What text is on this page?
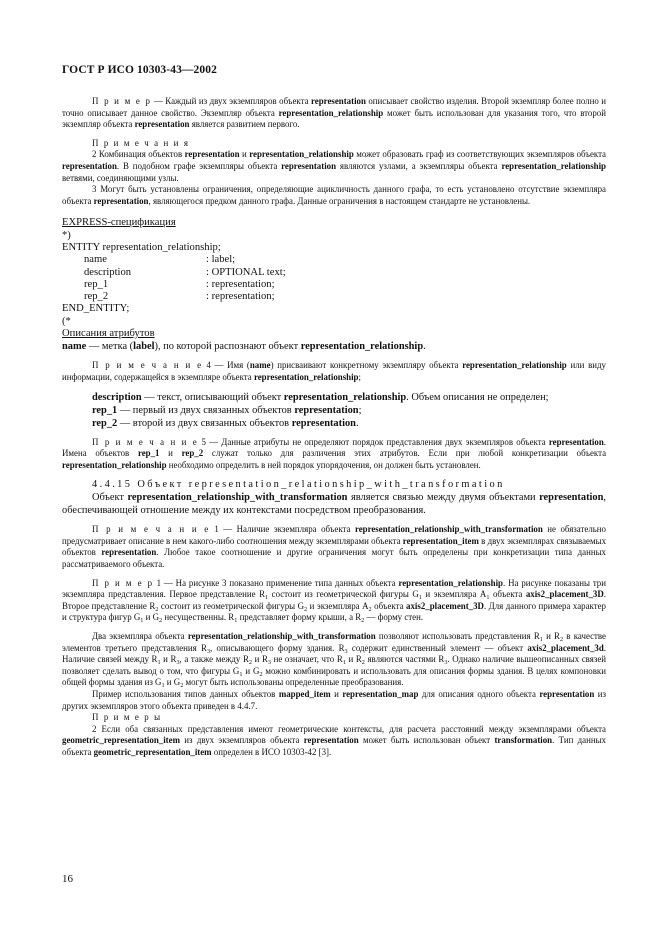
ГОСТ Р ИСО 10303-43—2002

П р и м е р — Каждый из двух экземпляров объекта representation описывает свойство изделия. Второй экземпляр более полно и точно описывает данное свойство. Экземпляр объекта representation_relationship может быть использован для указания того, что второй экземпляр объекта representation является развитием первого.

П р и м е ч а н и я

2 Комбинация объектов representation и representation_relationship может образовать граф из соответствующих экземпляров объекта representation. В подобном графе экземпляры объекта representation являются узлами, а экземпляры объекта representation_relationship ветвями, соединяющими узлы.

3 Могут быть установлены ограничения, определяющие ацикличность данного графа, то есть установлено отсутствие экземпляра объекта representation, являющегося предком данного графа. Данные ограничения в настоящем стандарте не установлены.

EXPRESS-спецификация
*)
ENTITY representation_relationship;
name	: label;
description	: OPTIONAL text;
rep_1	: representation;
rep_2	: representation;
END_ENTITY;
(*
Описания атрибутов

name — метка (label), по которой распознают объект representation_relationship.

П р и м е ч а н и е 4 — Имя (name) присваивают конкретному экземпляру объекта representation_relationship или виду информации, содержащейся в экземпляре объекта representation_relationship;

description — текст, описывающий объект representation_relationship. Объем описания не определен;

rep_1 — первый из двух связанных объектов representation;

rep_2 — второй из двух связанных объектов representation.

П р и м е ч а н и е 5 — Данные атрибуты не определяют порядок представления двух экземпляров объекта representation. Имена объектов rep_1 и rep_2 служат только для различения этих атрибутов. Если при любой конкретизации объекта representation_relationship необходимо определить в ней порядок упорядочения, он должен быть установлен.

4.4.15 Объект representation_relationship_with_transformation

Объект representation_relationship_with_transformation является связью между двумя объектами representation, обеспечивающей отношение между их контекстами посредством преобразования.

П р и м е ч а н и е 1 — Наличие экземпляра объекта representation_relationship_with_transformation не обязательно предусматривает описание в нем какого-либо соотношения между экземплярами объекта representation_item в двух экземплярах связываемых объектов representation. Любое такое соотношение и другие ограничения могут быть определены при конкретизации типа данных рассматриваемого объекта.

П р и м е р 1 — На рисунке 3 показано применение типа данных объекта representation_relationship. На рисунке показаны три экземпляра представления. Первое представление $R_1$ состоит из геометрической фигуры $G_1$ и экземпляра $A_1$ объекта axis2_placement_3D. Второе представление $R_2$ состоит из геометрической фигуры $G_2$ и экземпляра $A_2$ объекта axis2_placement_3D. Для данного примера характер и структура фигур $G_1$ и $G_2$ несущественны. $R_1$ представляет форму крыши, а $R_2$ — форму стен.

Два экземпляра объекта representation_relationship_with_transformation позволяют использовать представления $R_1$ и $R_2$ в качестве элементов третьего представления $R_3$, описывающего форму здания. $R_3$ содержит единственный элемент — объект axis2_placement_3d. Наличие связей между $R_1$ и $R_3$, а также между $R_2$ и $R_3$ не означает, что $R_1$ и $R_2$ являются частями $R_3$. Однако наличие вышеописанных связей позволяет сделать вывод о том, что фигуры $G_1$ и $G_2$ можно комбинировать и использовать для описания формы здания. В целях компоновки общей формы здания из $G_1$ и $G_2$ могут быть использованы определенные преобразования.

Пример использования типов данных объектов mapped_item и representation_map для описания одного объекта representation из других экземпляров этого объекта приведен в 4.4.7.

П р и м е р ы

2 Если оба связанных представления имеют геометрические контексты, для расчета расстояний между экземплярами объекта geometric_representation_item из двух экземпляров объекта representation может быть использован объект transformation. Тип данных объекта geometric_representation_item определен в ИСО 10303-42 [3].

16
